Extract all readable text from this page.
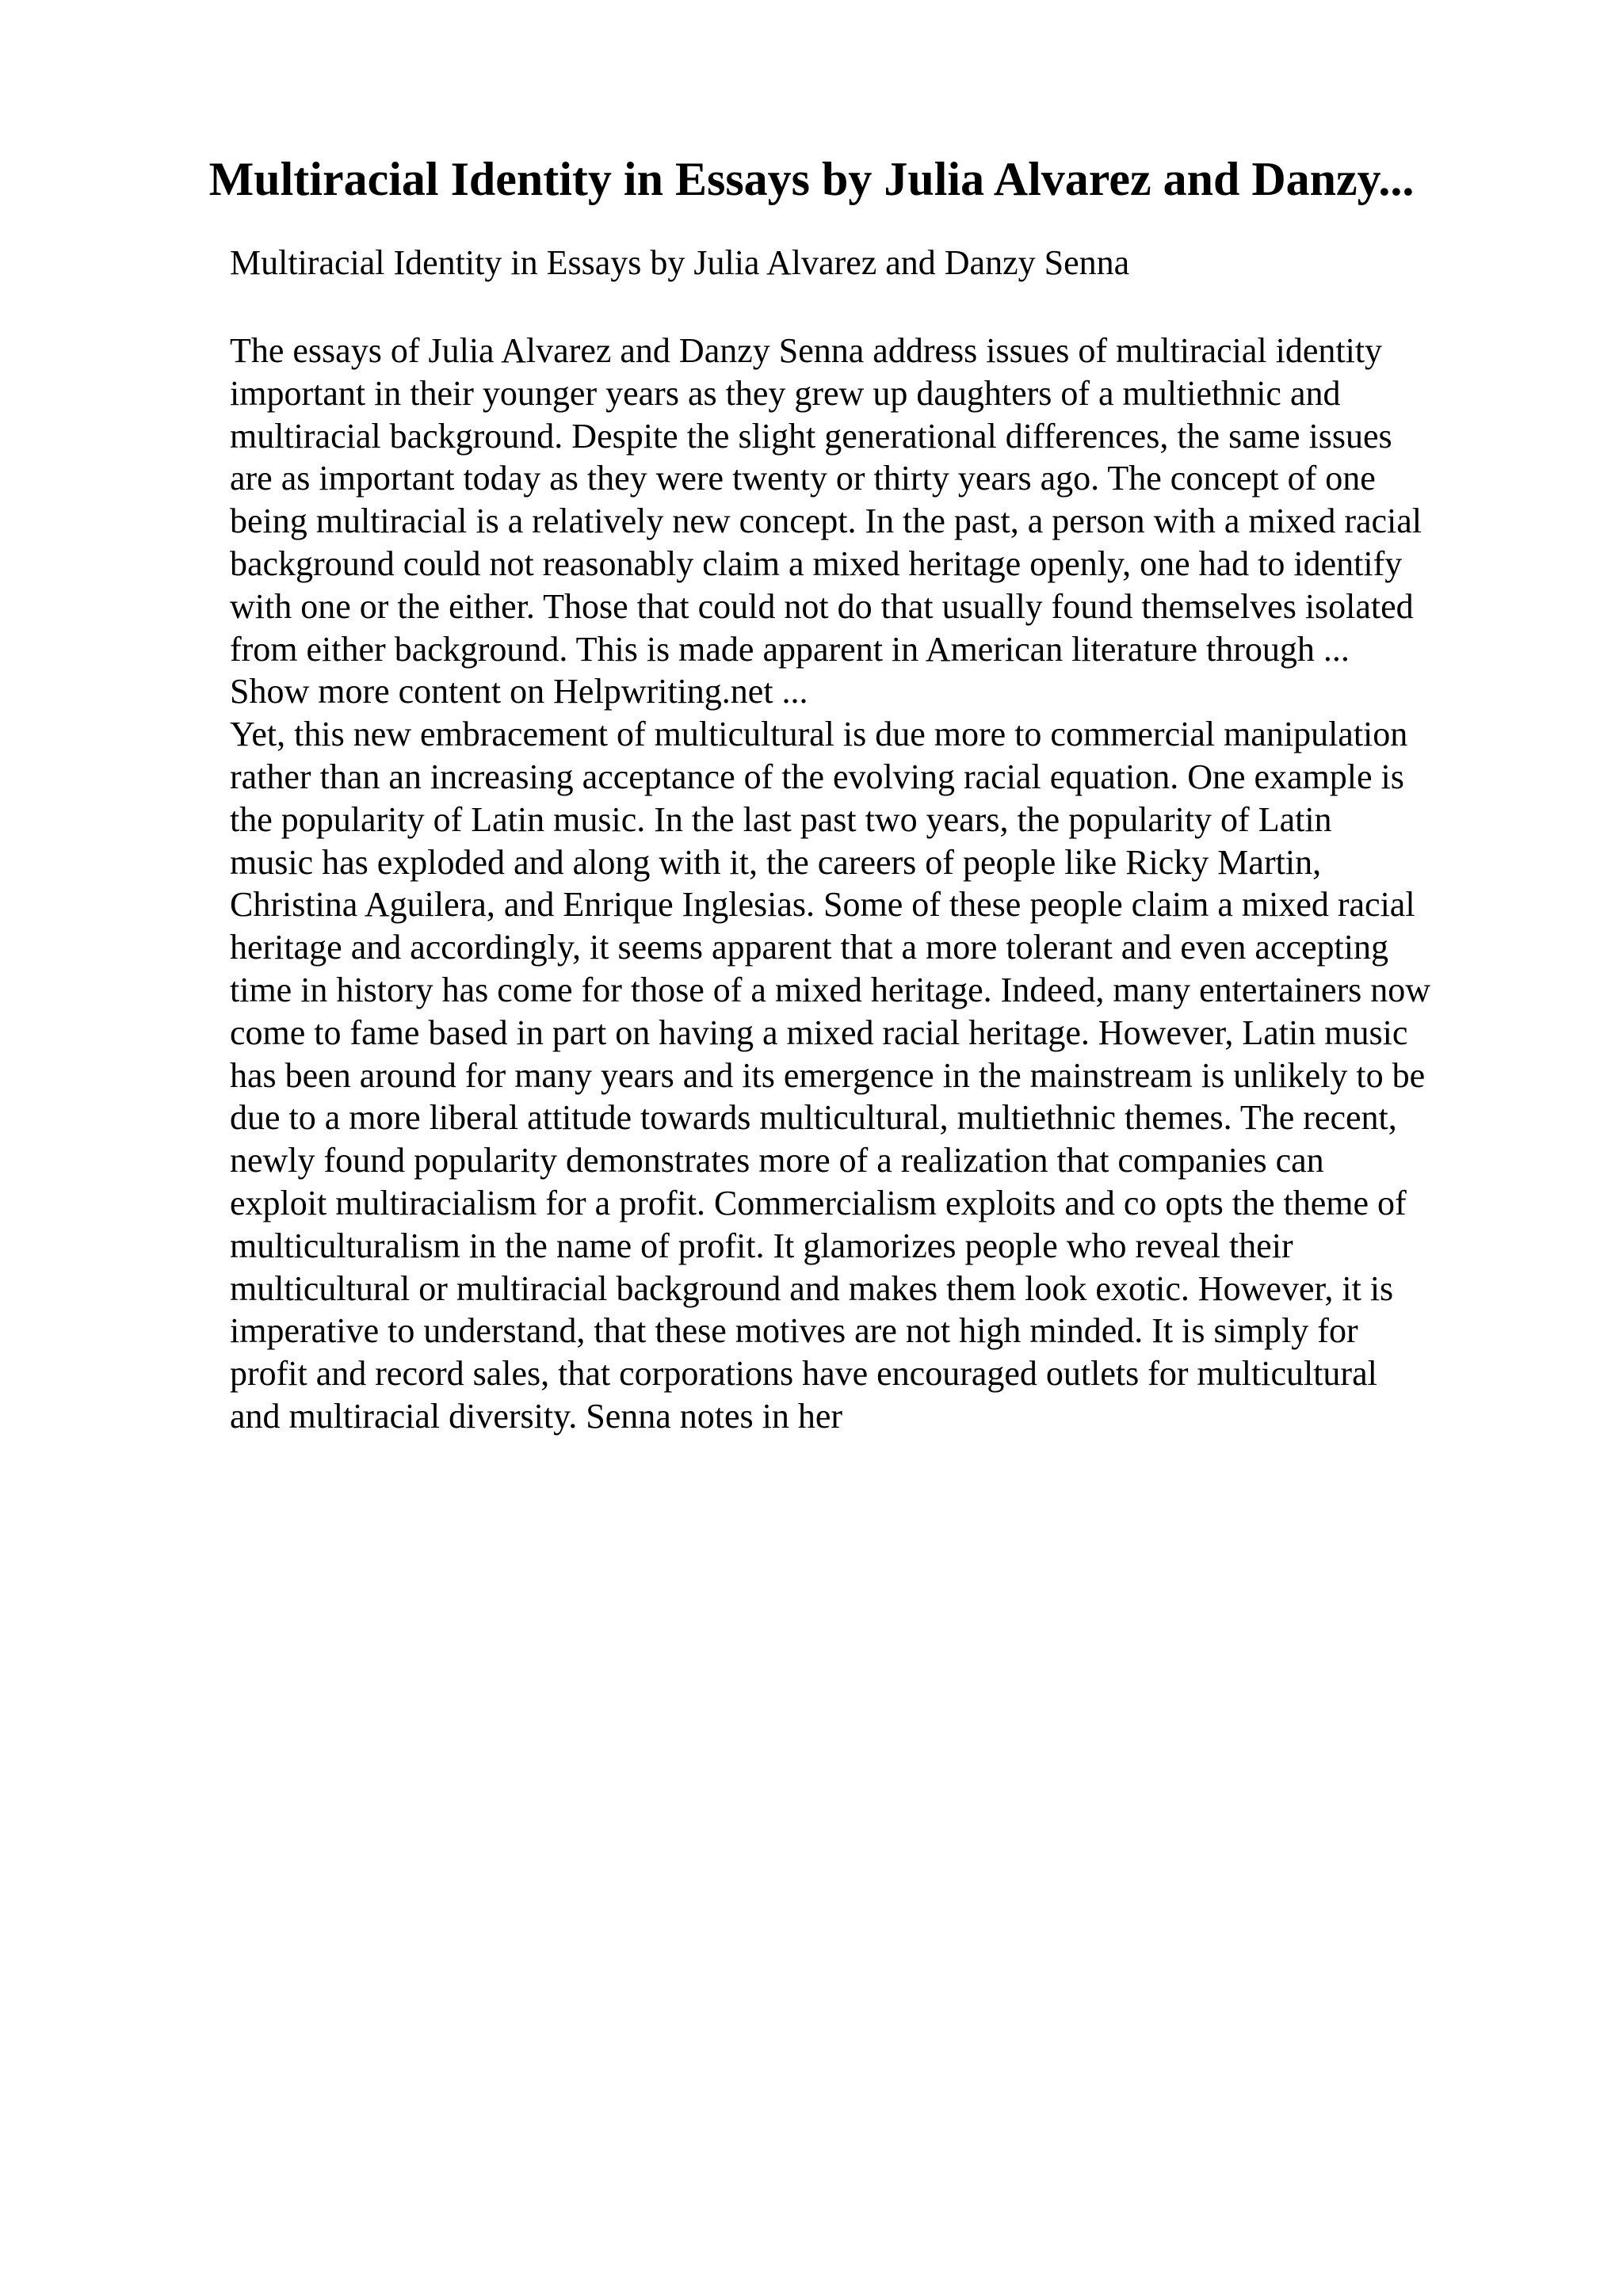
Multiracial Identity in Essays by Julia Alvarez and Danzy...

Multiracial Identity in Essays by Julia Alvarez and Danzy Senna

The essays of Julia Alvarez and Danzy Senna address issues of multiracial identity
important in their younger years as they grew up daughters of a multiethnic and
multiracial background. Despite the slight generational differences, the same issues
are as important today as they were twenty or thirty years ago. The concept of one
being multiracial is a relatively new concept. In the past, a person with a mixed racial
background could not reasonably claim a mixed heritage openly, one had to identify
with one or the either. Those that could not do that usually found themselves isolated
from either background. This is made apparent in American literature through ...
Show more content on Helpwriting.net ...
Yet, this new embracement of multicultural is due more to commercial manipulation
rather than an increasing acceptance of the evolving racial equation. One example is
the popularity of Latin music. In the last past two years, the popularity of Latin
music has exploded and along with it, the careers of people like Ricky Martin,
Christina Aguilera, and Enrique Inglesias. Some of these people claim a mixed racial
heritage and accordingly, it seems apparent that a more tolerant and even accepting
time in history has come for those of a mixed heritage. Indeed, many entertainers now
come to fame based in part on having a mixed racial heritage. However, Latin music
has been around for many years and its emergence in the mainstream is unlikely to be
due to a more liberal attitude towards multicultural, multiethnic themes. The recent,
newly found popularity demonstrates more of a realization that companies can
exploit multiracialism for a profit. Commercialism exploits and co opts the theme of
multiculturalism in the name of profit. It glamorizes people who reveal their
multicultural or multiracial background and makes them look exotic. However, it is
imperative to understand, that these motives are not high minded. It is simply for
profit and record sales, that corporations have encouraged outlets for multicultural
and multiracial diversity. Senna notes in her
